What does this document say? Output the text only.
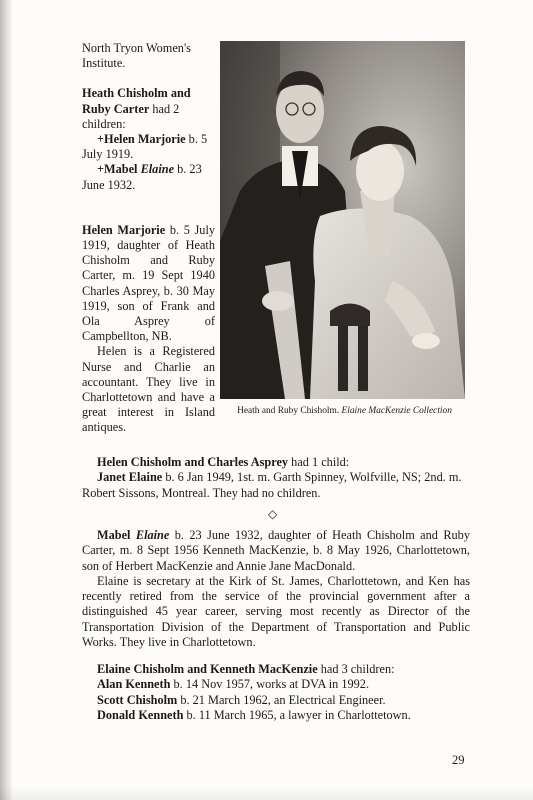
North Tryon Women's Institute.

Heath Chisholm and Ruby Carter had 2 children:

+Helen Marjorie b. 5 July 1919.

+Mabel Elaine b. 23 June 1932.

Helen Marjorie b. 5 July 1919, daughter of Heath Chisholm and Ruby Carter, m. 19 Sept 1940 Charles Asprey, b. 30 May 1919, son of Frank and Ola Asprey of Campbellton, NB.

Helen is a Registered Nurse and Charlie an accountant. They live in Charlottetown and have a great interest in Island antiques.

Heath and Ruby Chisholm. Elaine MacKenzie Collection

Helen Chisholm and Charles Asprey had 1 child:

Janet Elaine b. 6 Jan 1949, 1st. m. Garth Spinney, Wolfville, NS; 2nd. m. Robert Sissons, Montreal. They had no children.

◇

Mabel Elaine b. 23 June 1932, daughter of Heath Chisholm and Ruby Carter, m. 8 Sept 1956 Kenneth MacKenzie, b. 8 May 1926, Charlottetown, son of Herbert MacKenzie and Annie Jane MacDonald.

Elaine is secretary at the Kirk of St. James, Charlottetown, and Ken has recently retired from the service of the provincial government after a distinguished 45 year career, serving most recently as Director of the Transportation Division of the Department of Transportation and Public Works. They live in Charlottetown.

Elaine Chisholm and Kenneth MacKenzie had 3 children:

Alan Kenneth b. 14 Nov 1957, works at DVA in 1992.

Scott Chisholm b. 21 March 1962, an Electrical Engineer.

Donald Kenneth b. 11 March 1965, a lawyer in Charlottetown.

29
